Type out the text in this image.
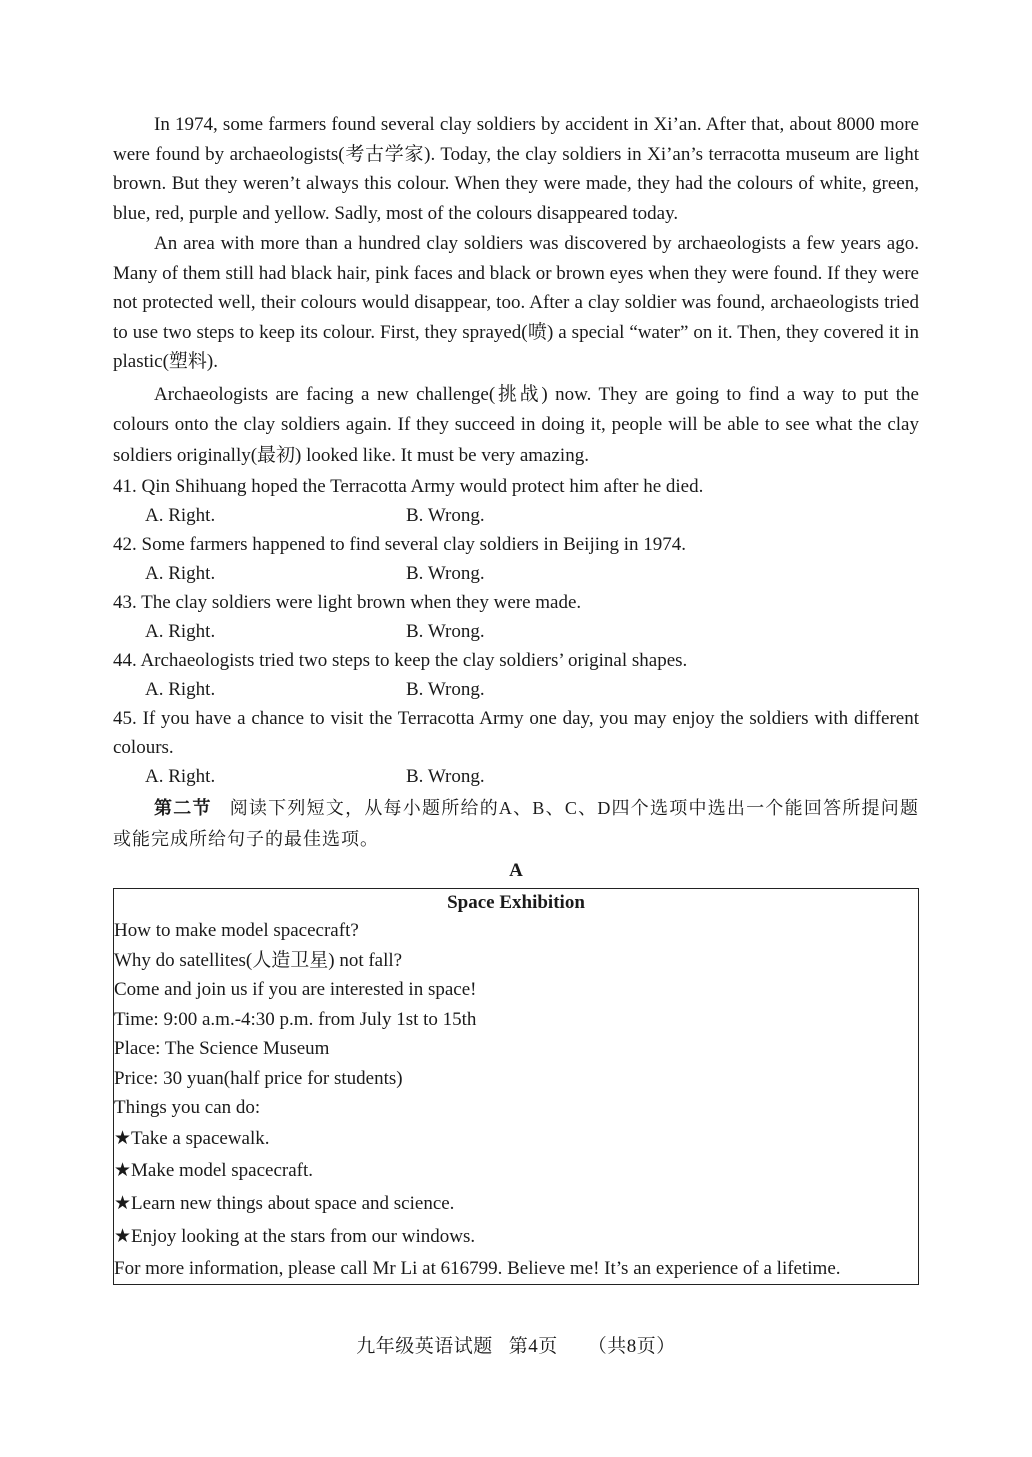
In 1974, some farmers found several clay soldiers by accident in Xi’an. After that, about 8000 more were found by archaeologists(考古学家). Today, the clay soldiers in Xi’an’s terracotta museum are light brown. But they weren’t always this colour. When they were made, they had the colours of white, green, blue, red, purple and yellow. Sadly, most of the colours disappeared today.

An area with more than a hundred clay soldiers was discovered by archaeologists a few years ago. Many of them still had black hair, pink faces and black or brown eyes when they were found. If they were not protected well, their colours would disappear, too. After a clay soldier was found, archaeologists tried to use two steps to keep its colour. First, they sprayed(喷) a special “water” on it. Then, they covered it in plastic(塑料).

Archaeologists are facing a new challenge(挑战) now. They are going to find a way to put the colours onto the clay soldiers again. If they succeed in doing it, people will be able to see what the clay soldiers originally(最初) looked like. It must be very amazing.

41. Qin Shihuang hoped the Terracotta Army would protect him after he died.

A. Right.	B. Wrong.

42. Some farmers happened to find several clay soldiers in Beijing in 1974.

A. Right.	B. Wrong.

43. The clay soldiers were light brown when they were made.

A. Right.	B. Wrong.

44. Archaeologists tried two steps to keep the clay soldiers’ original shapes.

A. Right.	B. Wrong.

45. If you have a chance to visit the Terracotta Army one day, you may enjoy the soldiers with different colours.

A. Right.	B. Wrong.

第二节 阅读下列短文，从每小题所给的A、B、C、D四个选项中选出一个能回答所提问题或能完成所给句子的最佳选项。

A

Space Exhibition
How to make model spacecraft?
Why do satellites(人造卫星) not fall?
Come and join us if you are interested in space!
Time: 9:00 a.m.-4:30 p.m. from July 1st to 15th
Place: The Science Museum
Price: 30 yuan(half price for students)
Things you can do:
★Take a spacewalk.
★Make model spacecraft.
★Learn new things about space and science.
★Enjoy looking at the stars from our windows.
For more information, please call Mr Li at 616799. Believe me! It’s an experience of a lifetime.
九年级英语试题 第4页 （共8页）
